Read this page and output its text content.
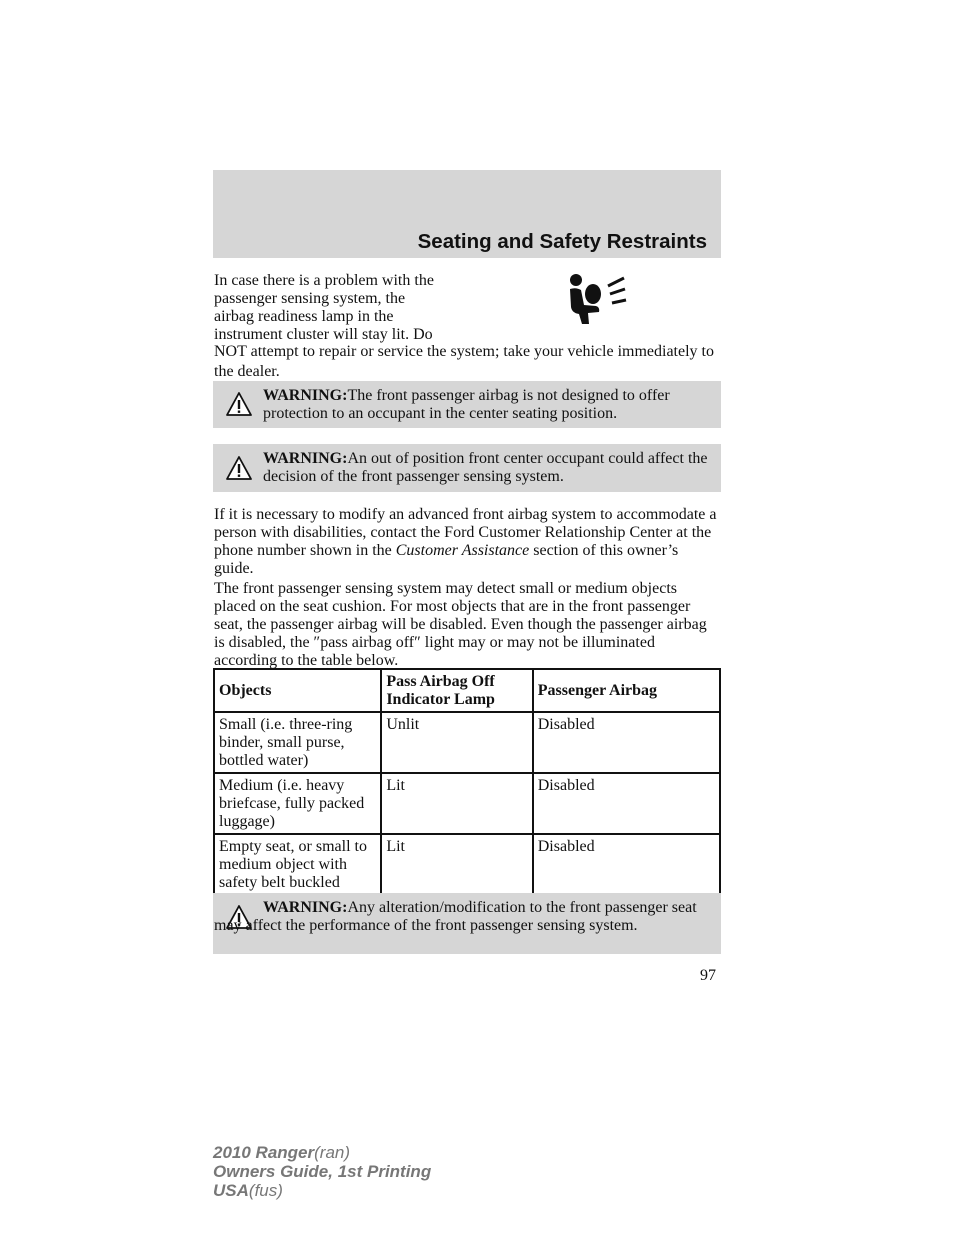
Seating and Safety Restraints
In case there is a problem with the
passenger sensing system, the
airbag readiness lamp in the
instrument cluster will stay lit. Do
NOT attempt to repair or service the system; take your vehicle immediately to the dealer.
WARNING:The front passenger airbag is not designed to offer protection to an occupant in the center seating position.
WARNING:An out of position front center occupant could affect the decision of the front passenger sensing system.

If it is necessary to modify an advanced front airbag system to accommodate a person with disabilities, contact the Ford Customer Relationship Center at the phone number shown in the Customer Assistance section of this owner’s guide.

The front passenger sensing system may detect small or medium objects placed on the seat cushion. For most objects that are in the front passenger seat, the passenger airbag will be disabled. Even though the passenger airbag is disabled, the ″pass airbag off″ light may or may not be illuminated according to the table below.

Objects	Pass Airbag Off Indicator Lamp	Passenger Airbag
Small (i.e. three-ring binder, small purse, bottled water)	Unlit	Disabled
Medium (i.e. heavy briefcase, fully packed luggage)	Lit	Disabled
Empty seat, or small to medium object with safety belt buckled	Lit	Disabled
WARNING:Any alteration/modification to the front passenger seat may affect the performance of the front passenger sensing system.
97
2010 Ranger(ran)
Owners Guide, 1st Printing
USA(fus)
